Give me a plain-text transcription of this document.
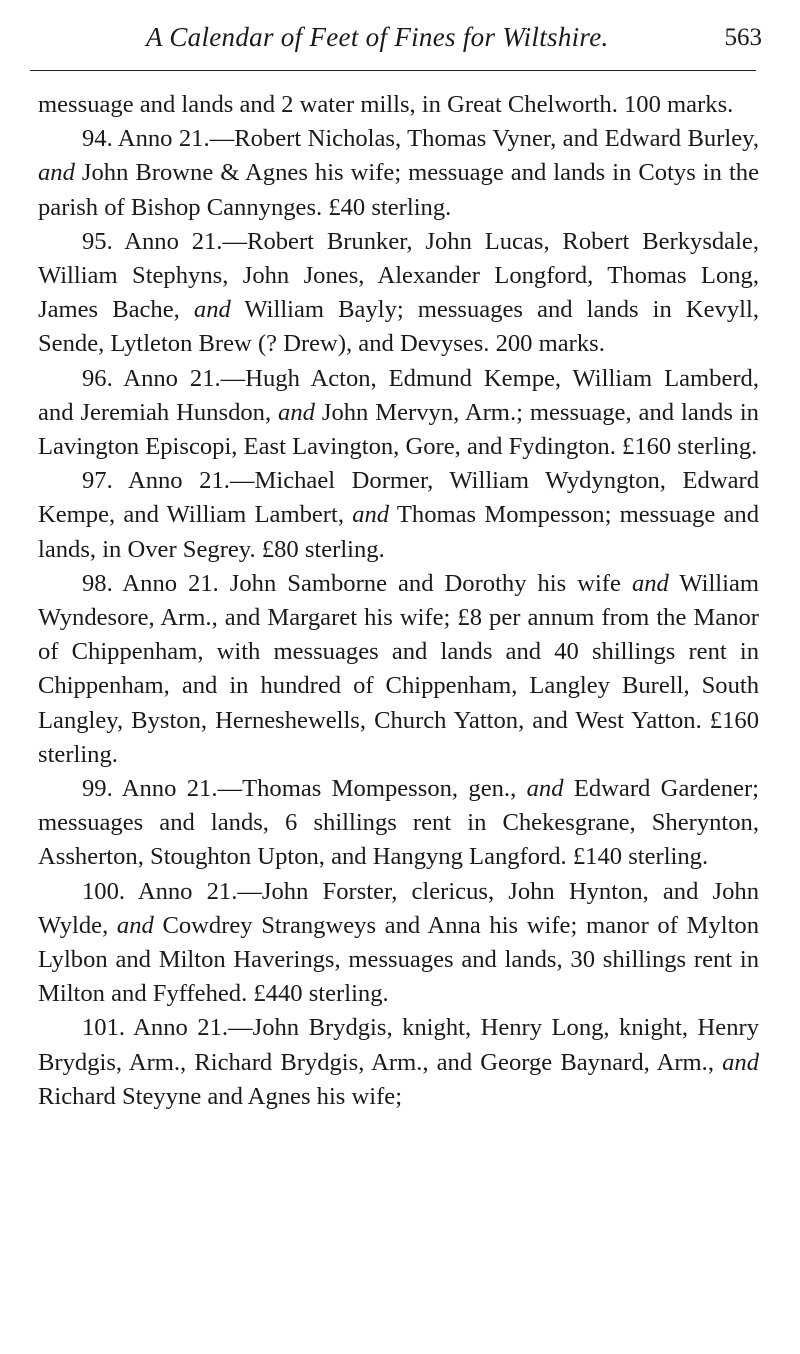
A Calendar of Feet of Fines for Wiltshire.	563

messuage and lands and 2 water mills, in Great Chelworth. 100 marks.

94. Anno 21.—Robert Nicholas, Thomas Vyner, and Edward Burley, and John Browne & Agnes his wife; messuage and lands in Cotys in the parish of Bishop Cannynges. £40 sterling.

95. Anno 21.—Robert Brunker, John Lucas, Robert Berkysdale, William Stephyns, John Jones, Alexander Longford, Thomas Long, James Bache, and William Bayly; messuages and lands in Kevyll, Sende, Lytleton Brew (? Drew), and Devyses. 200 marks.

96. Anno 21.—Hugh Acton, Edmund Kempe, William Lamberd, and Jeremiah Hunsdon, and John Mervyn, Arm.; messuage, and lands in Lavington Episcopi, East Lavington, Gore, and Fydington. £160 sterling.

97. Anno 21.—Michael Dormer, William Wydyngton, Edward Kempe, and William Lambert, and Thomas Mompesson; messuage and lands, in Over Segrey. £80 sterling.

98. Anno 21. John Samborne and Dorothy his wife and William Wyndesore, Arm., and Margaret his wife; £8 per annum from the Manor of Chippenham, with messuages and lands and 40 shillings rent in Chippenham, and in hundred of Chippenham, Langley Burell, South Langley, Byston, Herneshewells, Church Yatton, and West Yatton. £160 sterling.

99. Anno 21.—Thomas Mompesson, gen., and Edward Gardener; messuages and lands, 6 shillings rent in Chekesgrane, Sherynton, Assherton, Stoughton Upton, and Hangyng Langford. £140 sterling.

100. Anno 21.—John Forster, clericus, John Hynton, and John Wylde, and Cowdrey Strangweys and Anna his wife; manor of Mylton Lylbon and Milton Haverings, messuages and lands, 30 shillings rent in Milton and Fyffehed. £440 sterling.

101. Anno 21.—John Brydgis, knight, Henry Long, knight, Henry Brydgis, Arm., Richard Brydgis, Arm., and George Baynard, Arm., and Richard Steyyne and Agnes his wife;
